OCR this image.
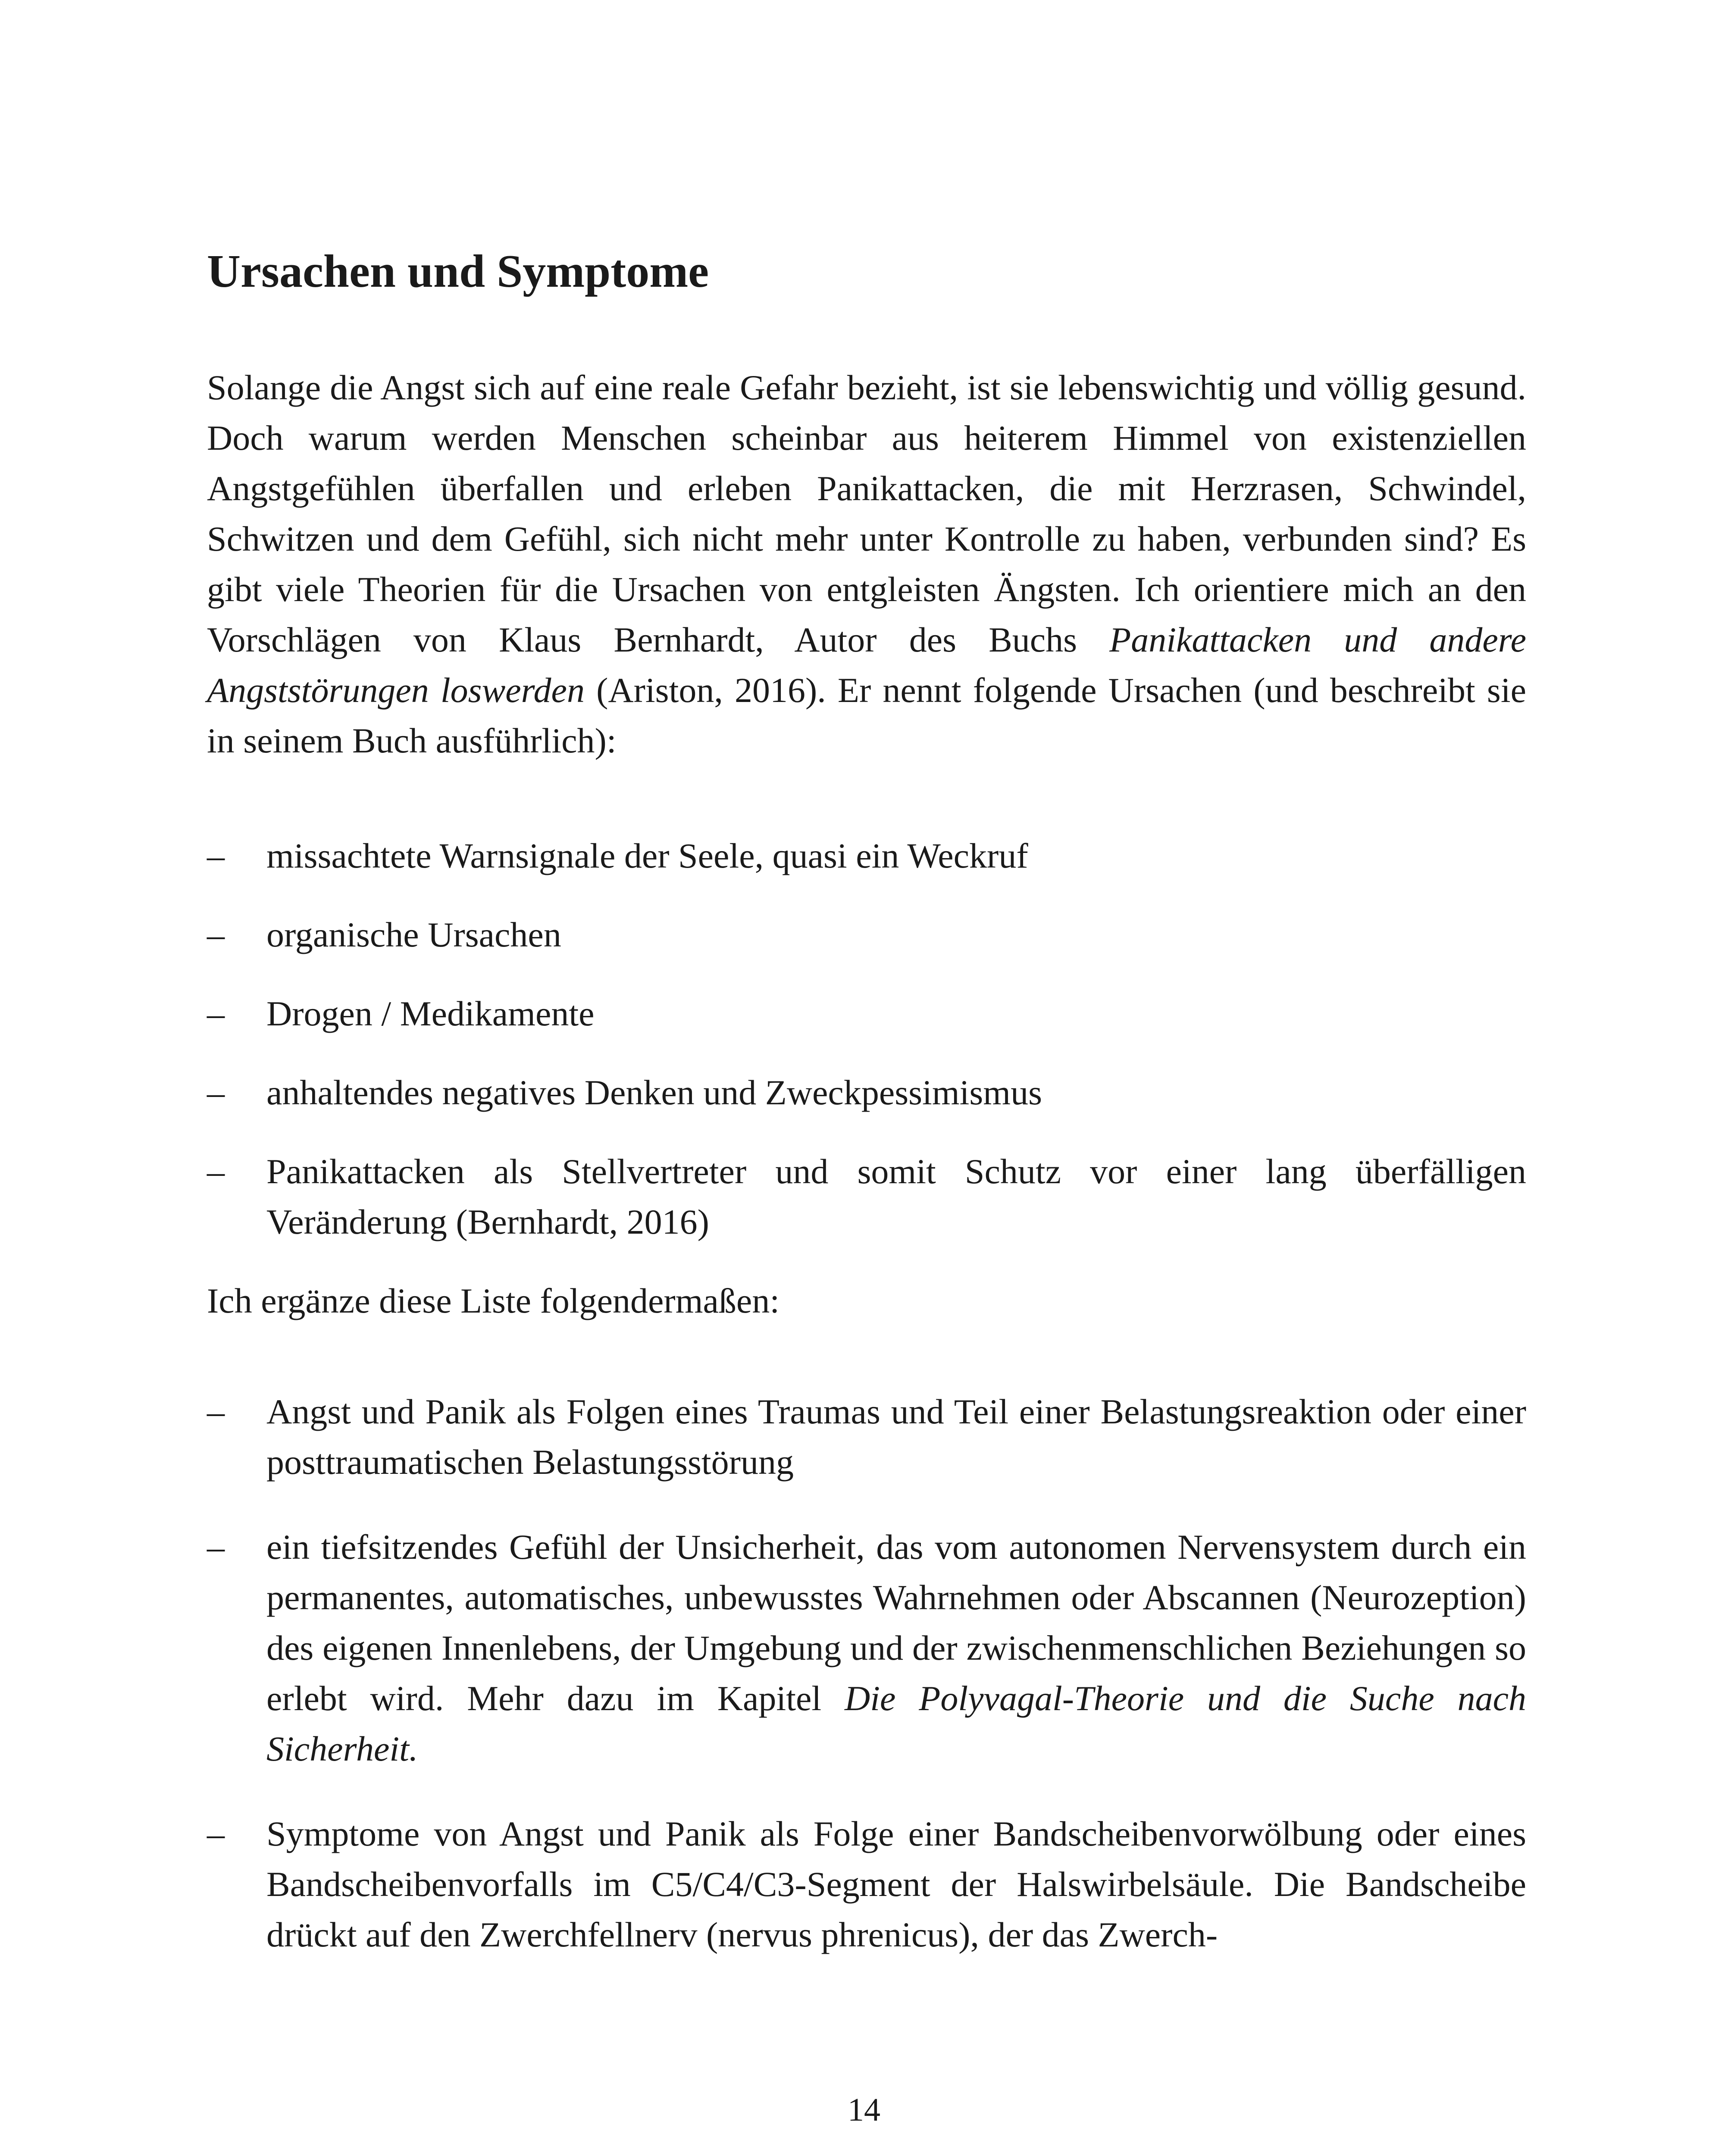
Ursachen und Symptome

Solange die Angst sich auf eine reale Gefahr bezieht, ist sie lebenswichtig und völlig gesund. Doch warum werden Menschen scheinbar aus heiterem Himmel von existenziellen Angstgefühlen überfallen und erleben Panikattacken, die mit Herzrasen, Schwindel, Schwitzen und dem Gefühl, sich nicht mehr unter Kontrolle zu haben, verbunden sind? Es gibt viele Theorien für die Ursachen von entgleisten Ängsten. Ich orientiere mich an den Vorschlägen von Klaus Bernhardt, Autor des Buchs Panikattacken und andere Angststörungen loswerden (Ariston, 2016). Er nennt folgende Ursachen (und beschreibt sie in seinem Buch ausführlich):

–	missachtete Warnsignale der Seele, quasi ein Weckruf
–	organische Ursachen
–	Drogen / Medikamente
–	anhaltendes negatives Denken und Zweckpessimismus
–	Panikattacken als Stellvertreter und somit Schutz vor einer lang überfälligen Veränderung (Bernhardt, 2016)

Ich ergänze diese Liste folgendermaßen:

–	Angst und Panik als Folgen eines Traumas und Teil einer Belastungsreaktion oder einer posttraumatischen Belastungsstörung
–	ein tiefsitzendes Gefühl der Unsicherheit, das vom autonomen Nervensystem durch ein permanentes, automatisches, unbewusstes Wahrnehmen oder Abscannen (Neurozeption) des eigenen Innenlebens, der Umgebung und der zwischenmenschlichen Beziehungen so erlebt wird. Mehr dazu im Kapitel Die Polyvagal-Theorie und die Suche nach Sicherheit.
–	Symptome von Angst und Panik als Folge einer Bandscheibenvorwölbung oder eines Bandscheibenvorfalls im C5/C4/C3-Segment der Halswirbelsäule. Die Bandscheibe drückt auf den Zwerchfellnerv (nervus phrenicus), der das Zwerch-
14
